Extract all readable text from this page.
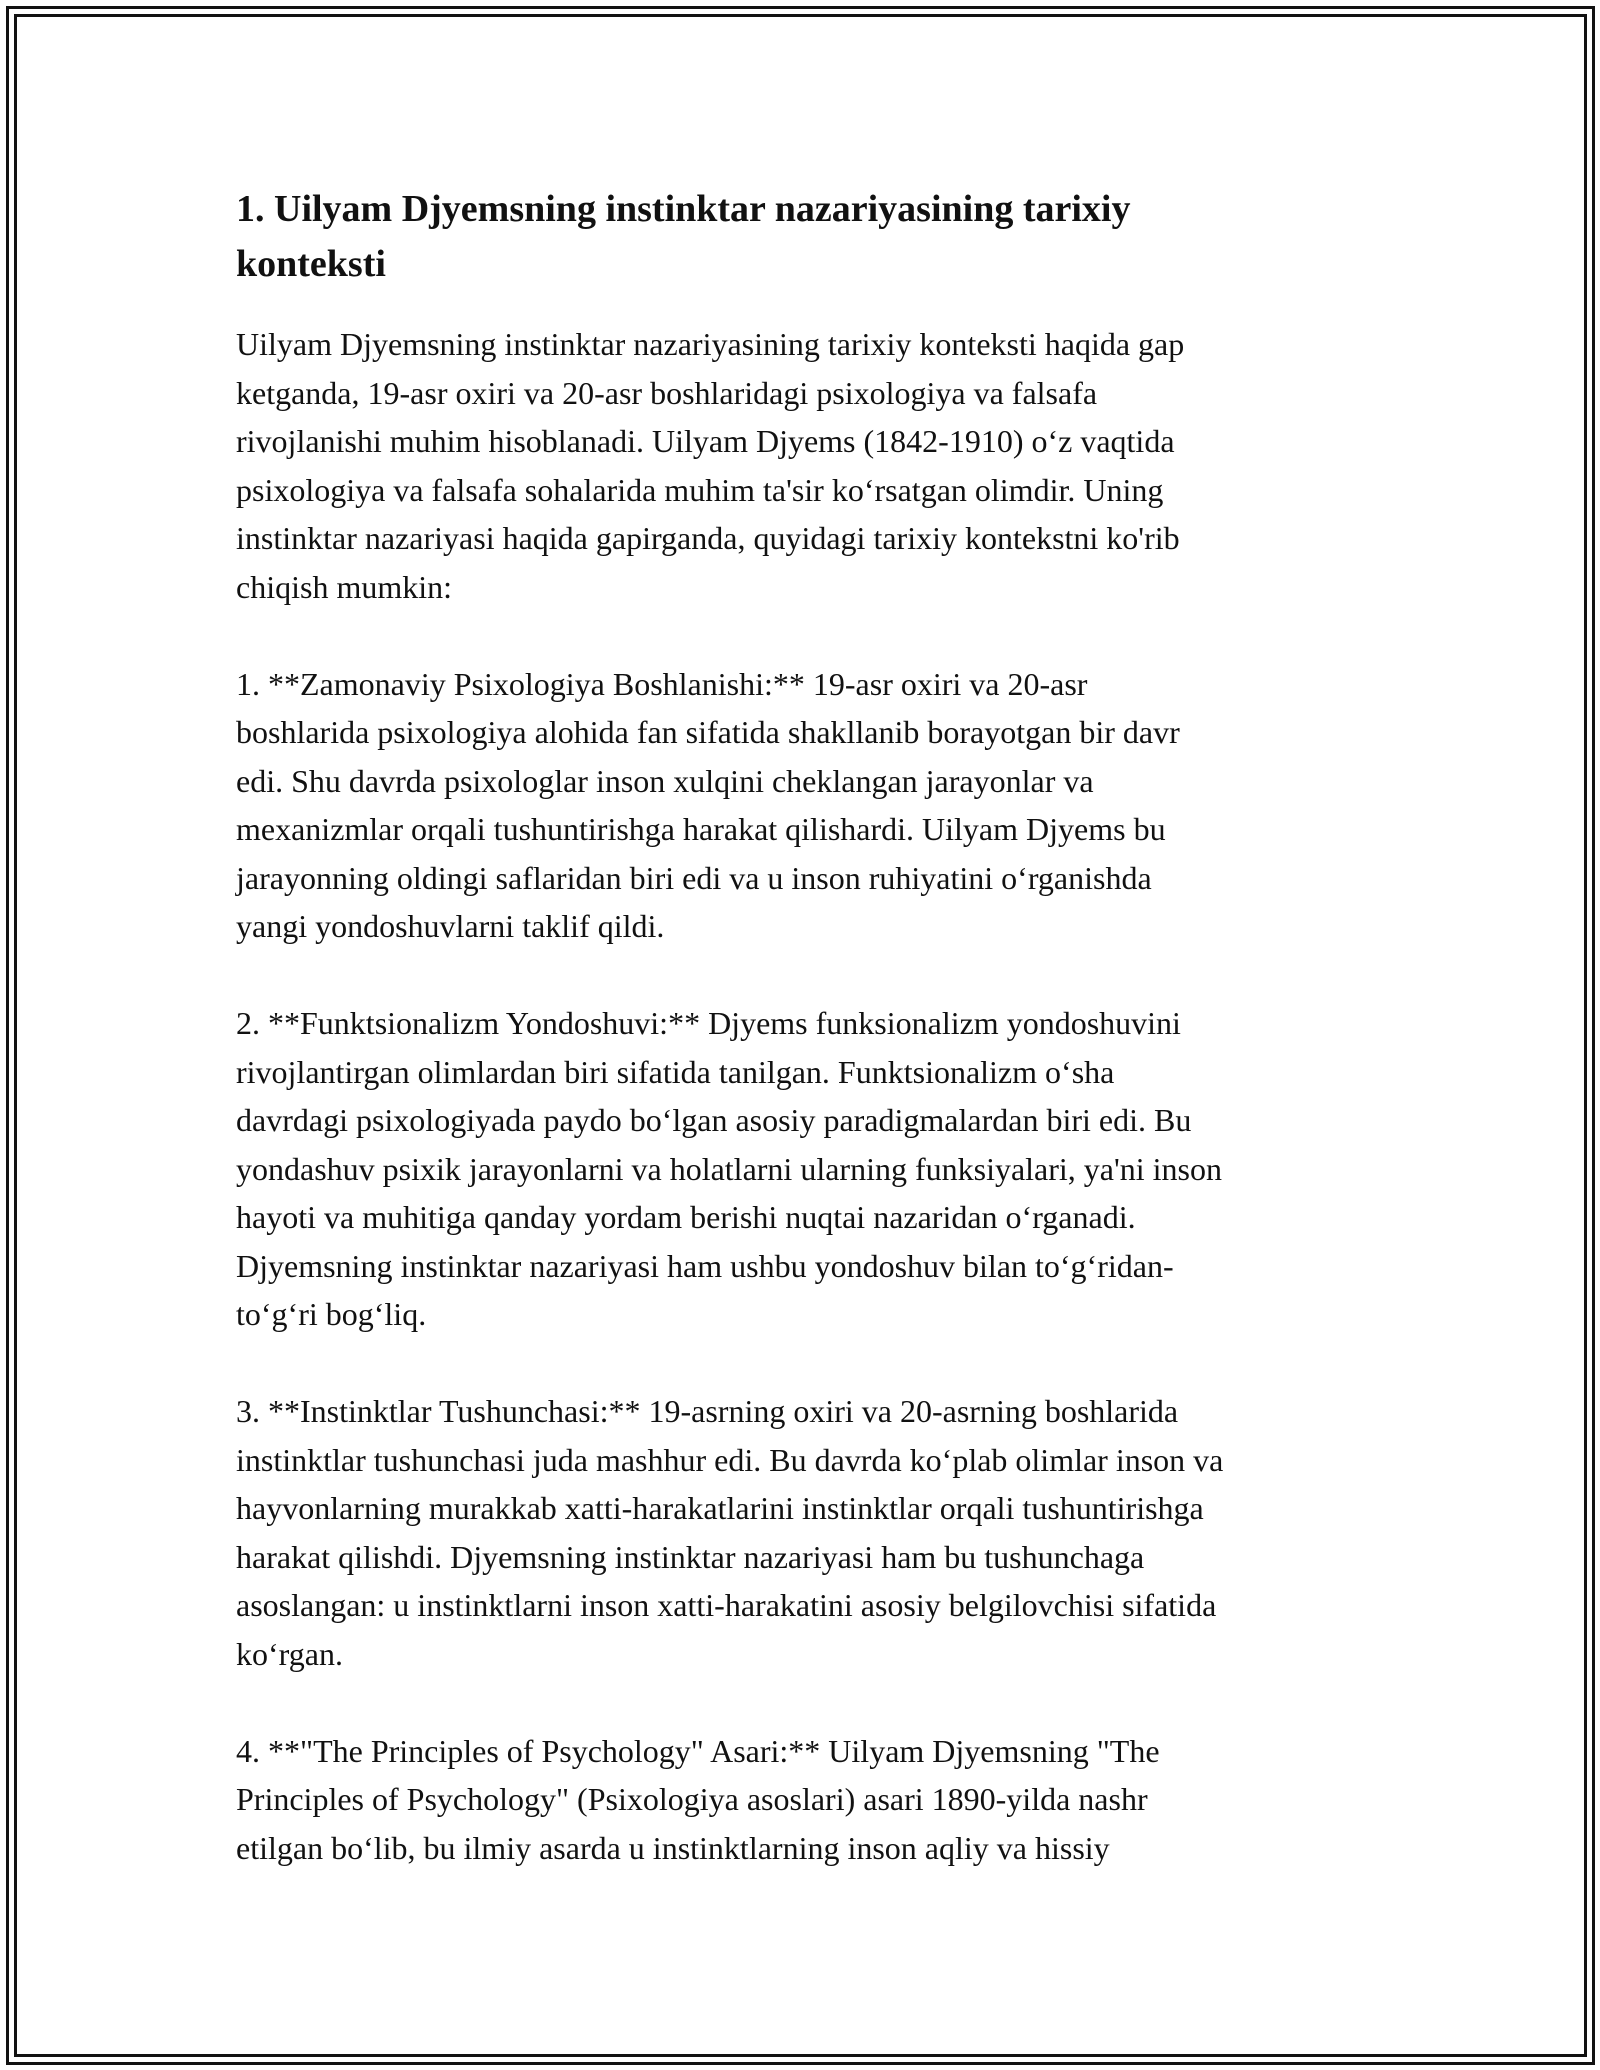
1. Uilyam Djyemsning instinktar nazariyasining tarixiy
konteksti

Uilyam Djyemsning instinktar nazariyasining tarixiy konteksti haqida gap
ketganda, 19-asr oxiri va 20-asr boshlaridagi psixologiya va falsafa
rivojlanishi muhim hisoblanadi. Uilyam Djyems (1842-1910) oʻz vaqtida
psixologiya va falsafa sohalarida muhim ta'sir koʻrsatgan olimdir. Uning
instinktar nazariyasi haqida gapirganda, quyidagi tarixiy kontekstni ko'rib
chiqish mumkin:

1. **Zamonaviy Psixologiya Boshlanishi:** 19-asr oxiri va 20-asr
boshlarida psixologiya alohida fan sifatida shakllanib borayotgan bir davr
edi. Shu davrda psixologlar inson xulqini cheklangan jarayonlar va
mexanizmlar orqali tushuntirishga harakat qilishardi. Uilyam Djyems bu
jarayonning oldingi saflaridan biri edi va u inson ruhiyatini oʻrganishda
yangi yondoshuvlarni taklif qildi.

2. **Funktsionalizm Yondoshuvi:** Djyems funksionalizm yondoshuvini
rivojlantirgan olimlardan biri sifatida tanilgan. Funktsionalizm oʻsha
davrdagi psixologiyada paydo boʻlgan asosiy paradigmalardan biri edi. Bu
yondashuv psixik jarayonlarni va holatlarni ularning funksiyalari, ya'ni inson
hayoti va muhitiga qanday yordam berishi nuqtai nazaridan oʻrganadi.
Djyemsning instinktar nazariyasi ham ushbu yondoshuv bilan toʻgʻridan-
toʻgʻri bogʻliq.

3. **Instinktlar Tushunchasi:** 19-asrning oxiri va 20-asrning boshlarida
instinktlar tushunchasi juda mashhur edi. Bu davrda koʻplab olimlar inson va
hayvonlarning murakkab xatti-harakatlarini instinktlar orqali tushuntirishga
harakat qilishdi. Djyemsning instinktar nazariyasi ham bu tushunchaga
asoslangan: u instinktlarni inson xatti-harakatini asosiy belgilovchisi sifatida
koʻrgan.

4. **"The Principles of Psychology" Asari:** Uilyam Djyemsning "The
Principles of Psychology" (Psixologiya asoslari) asari 1890-yilda nashr
etilgan boʻlib, bu ilmiy asarda u instinktlarning inson aqliy va hissiy
